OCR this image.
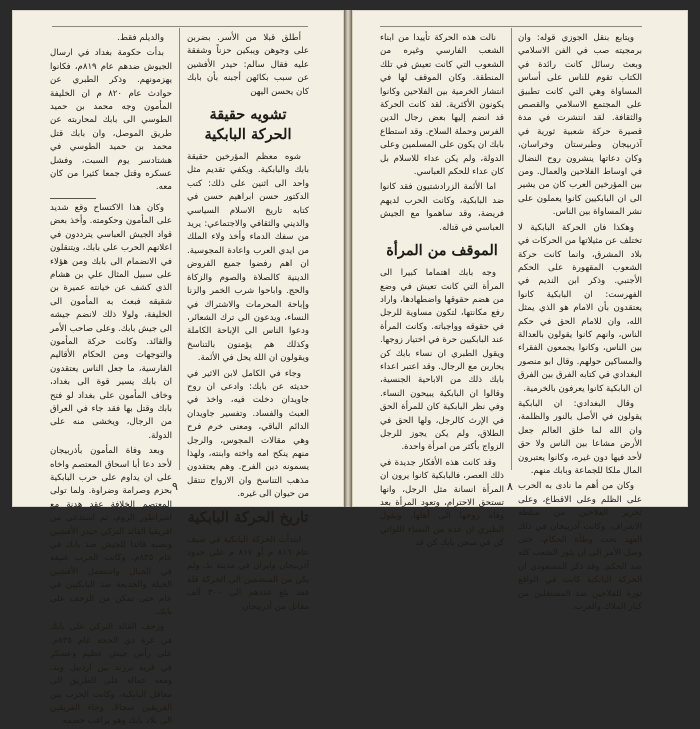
أطلق قبلا من الأسر. بضربن على وجوهن ويبكين حزناً وشفقة عليه فقال سالم: حيدر الأفشين عن سبب بكائهن أجبنه بأن بابك كان يحسن اليهن

تشويه حقيقة الحركة البابكية

شوه معظم المؤرخين حقيقة بابك والبابكية. ويكفي تقديم مثل واحد الى اثنين على ذلك: كتب الدكتور حسن ابراهيم حسن في كتابه تاريخ الاسلام السياسي والديني والثقافي والاجتماعي: يريد من سفك الدماء وأخذ ولاء الملك من ايدي العرب واعادة المجوسية. ان اهم رفضوا جميع الفروض الدينية كالصلاة والصوم والزكاة والحج. واباحوا شرب الخمر والزنا وإباحة المحرمات والاشتراك في النساء، ويدعون الى ترك الشعائر، ودعوا الناس الى الإباحة الكاملة وكذلك هم يؤمنون بالتناسخ ويقولون ان الله يحل في الأئمة.

وجاء في الكامل لابن الاثير في حديثه عن بابك: وادعى ان روح جاويدان دخلت فيه، واخذ في العبث والفساد. وتفسير جاويدان الدائم الباقي، ومعنى خرم فرح وهي مقالات المجوس، والرجل منهم ينكح امه واخته وابنته، ولهذا يسمونه دين الفرح. وهم يعتقدون مذهب التناسخ وان الارواح تنتقل من حيوان الى غيره.

تاريخ الحركة البابكية

ابتدأت الحركة البابكية في صيف عام ٨١٦ م أو ٨١٧ م على حدود آذربيجان وايران في مدينة بذ. ولم يكن من المنضمين الى الحركة قلة فقد بلغ عددهم الى ٣٠٠ ألف مقاتل من آذربيجان

والديلم فقط.

بدأت حكومة بغداد في ارسال الجيوش ضدهم عام ٨١٩م، فكانوا يهزمونهم. وذكر الطبري عن حوادث عام ٨٢٠ م ان الخليفة المأمون وجه محمد بن حميد الطوسي الى بابك لمحاربته عن طريق الموصل، وان بابك قتل محمد بن حميد الطوسي في هشتادسر يوم السبت، وفشل عسكره وقتل جمعا كثيرا من كان معه.

وكان هذا الاكتساح وقع شديد على المأمون وحكومته. وأخذ بعض قواد الجيش العباسي يترددون في اعلانهم الحرب على بابك، ويتنقلون في الانضمام الى بابك ومن هؤلاء على سبيل المثال علي بن هشام الذي كشف عن خيانته عميرة بن شقيقه فبعث به المأمون الى الخليفة، ولولا ذلك لانضم جيشه الى جيش بابك. وعلى صاحب الأمر والقائد. وكانت حركة المأمون والتوجهات ومن الحكام الأقاليم الفارسية، ما جعل الناس يعتقدون ان بابك يسير قوة الى بغداد، وخاف المأمون على بغداد لو فتح بابك وقتل بها فقد جاء في العراق من الرجال، ويخشى منه على الدولة.

وبعد وفاة المأمون بأذربيجان لأحد دعا أبا اسحاق المعتصم واخاه على ان يداوم على حرب البابكية بحزم وصرامة وضراوة. ولما تولى المعتصم الخلافة عقد هدنة مع امبراطور الروم، ثم استدعى من افريقيا القائد التركي حيدر الأفشين ونصبه قائدا للجيش ضد بابك في عام ٨٣٥م. وكانت الحرب عنيفة في الجبال واستعمل الأفشين الحيلة والخديعة ضد البابكيين في عام حتى تمكن من الزحف على بابك.

وزحف القائد التركي على بابك في غرة ذي الحجة عام ٨٣٥م. على رأس جيش عظيم وعسكر في قرية برزند بين اردبيل وبذ، ومعه عماله على الطريق الى معاقل البابكية، وكانت الحرب بين الفريقين سجالا. وجاء الفريقين الى بلاد بابك وهو يراقب خصمه

٩

ويتابع بنقل الجوزي قوله: وان برمجيته صب في الفن الاسلامي وبعث رسائل كانت رائدة في الكتاب تقوم للناس على أساس المساواة وهي التي كانت تطبيق على المجتمع الاسلامي والقصص والثقافة. لقد انتشرت في مدة قصيرة حركة شعبية ثورية في آذربيجان وطبرستان وخراسان، وكان دعاتها ينشرون روح النضال في اوساط الفلاحين والعمال. ومن بين المؤرخين العرب كان من يشير الى ان البابكيين كانوا يعملون على نشر المساواة بين الناس.

وهكذا فان الحركة البابكية لا تختلف عن مثيلاتها من الحركات في بلاد المشرق، وانما كانت حركة الشعوب المقهورة على الحكم الأجنبي. وذكر ابن النديم في الفهرست: ان البابكية كانوا يعتقدون بأن الامام هو الذي يمثل الله، وان للامام الحق في حكم الناس، وانهم كانوا يقولون بالعدالة بين الناس، وكانوا يجمعون الفقراء والمساكين حولهم. وقال ابو منصور البغدادي في كتابه الفرق بين الفرق ان البابكية كانوا يعرفون بالخرمية.

وقال البغدادي: ان البابكية يقولون في الأصل بالنور والظلمة، وان الله لما خلق العالم جعل الأرض مشاعا بين الناس ولا حق لأحد فيها دون غيره، وكانوا يعتبرون المال ملكا للجماعة وبابك منهم.

وكان من أهم ما نادى به الحرب على الظلم وعلى الاقطاع، وعلى تحرير الفلاحين من سلطة الاشراف، وكانت آذربيجان في ذلك العهد تحت وطأة الحكام، حتى وصل الأمر الى ان يثور الشعب كله ضد الحكم. وقد ذكر المسعودي ان الحركة البابكية كانت في الواقع ثورة للفلاحين ضد المستغلين من كبار الملاك والعرب.

نالت هذه الحركة تأييدا من ابناء الشعب الفارسي وغيره من الشعوب التي كانت تعيش في تلك المنطقة. وكان الموقف لها في انتشار الخرمية بين الفلاحين وكانوا يكونون الأكثرية. لقد كانت الحركة قد انضم إليها بعض رجال الدين الفرس وحملة السلاح. وقد استطاع بابك ان يكون على المسلمين وعلى الدولة، ولم يكن عداء للاسلام بل كان عداء للحكم العباسي.

اما الأئمة الزرادشتيون فقد كانوا ضد البابكية، وكانت الحرب لديهم فريضة، وقد ساهموا مع الجيش العباسي في قتاله.

الموقف من المرأة

وجه بابك اهتماما كبيرا الى المرأة التي كانت تعيش في وضع من هضم حقوقها واضطهادها، واراد رفع مكانتها، لتكون مساوية للرجل في حقوقه وواجباته. وكانت المرأة عند البابكيين حرة في اختيار زوجها. ويقول الطبري ان نساء بابك كن يحاربن مع الرجال. وقد اعتبر اعداء بابك ذلك من الاباحية الجنسية، وقالوا ان البابكية يبيحون النساء. وفي نظر البابكية كان للمرأة الحق في الإرث كالرجل، ولها الحق في الطلاق، ولم يكن يجوز للرجل الزواج بأكثر من امرأة واحدة.

وقد كانت هذه الأفكار جديدة في ذلك العصر، فالبابكية كانوا يرون ان المرأة انسانة مثل الرجل، وانها تستحق الاحترام، وتعود المرأة بعد وفاة زوجها الى أهلها. ويقول الطبري ان عدة من النساء اللواتي كن في سجن بابك كن قد

٨
